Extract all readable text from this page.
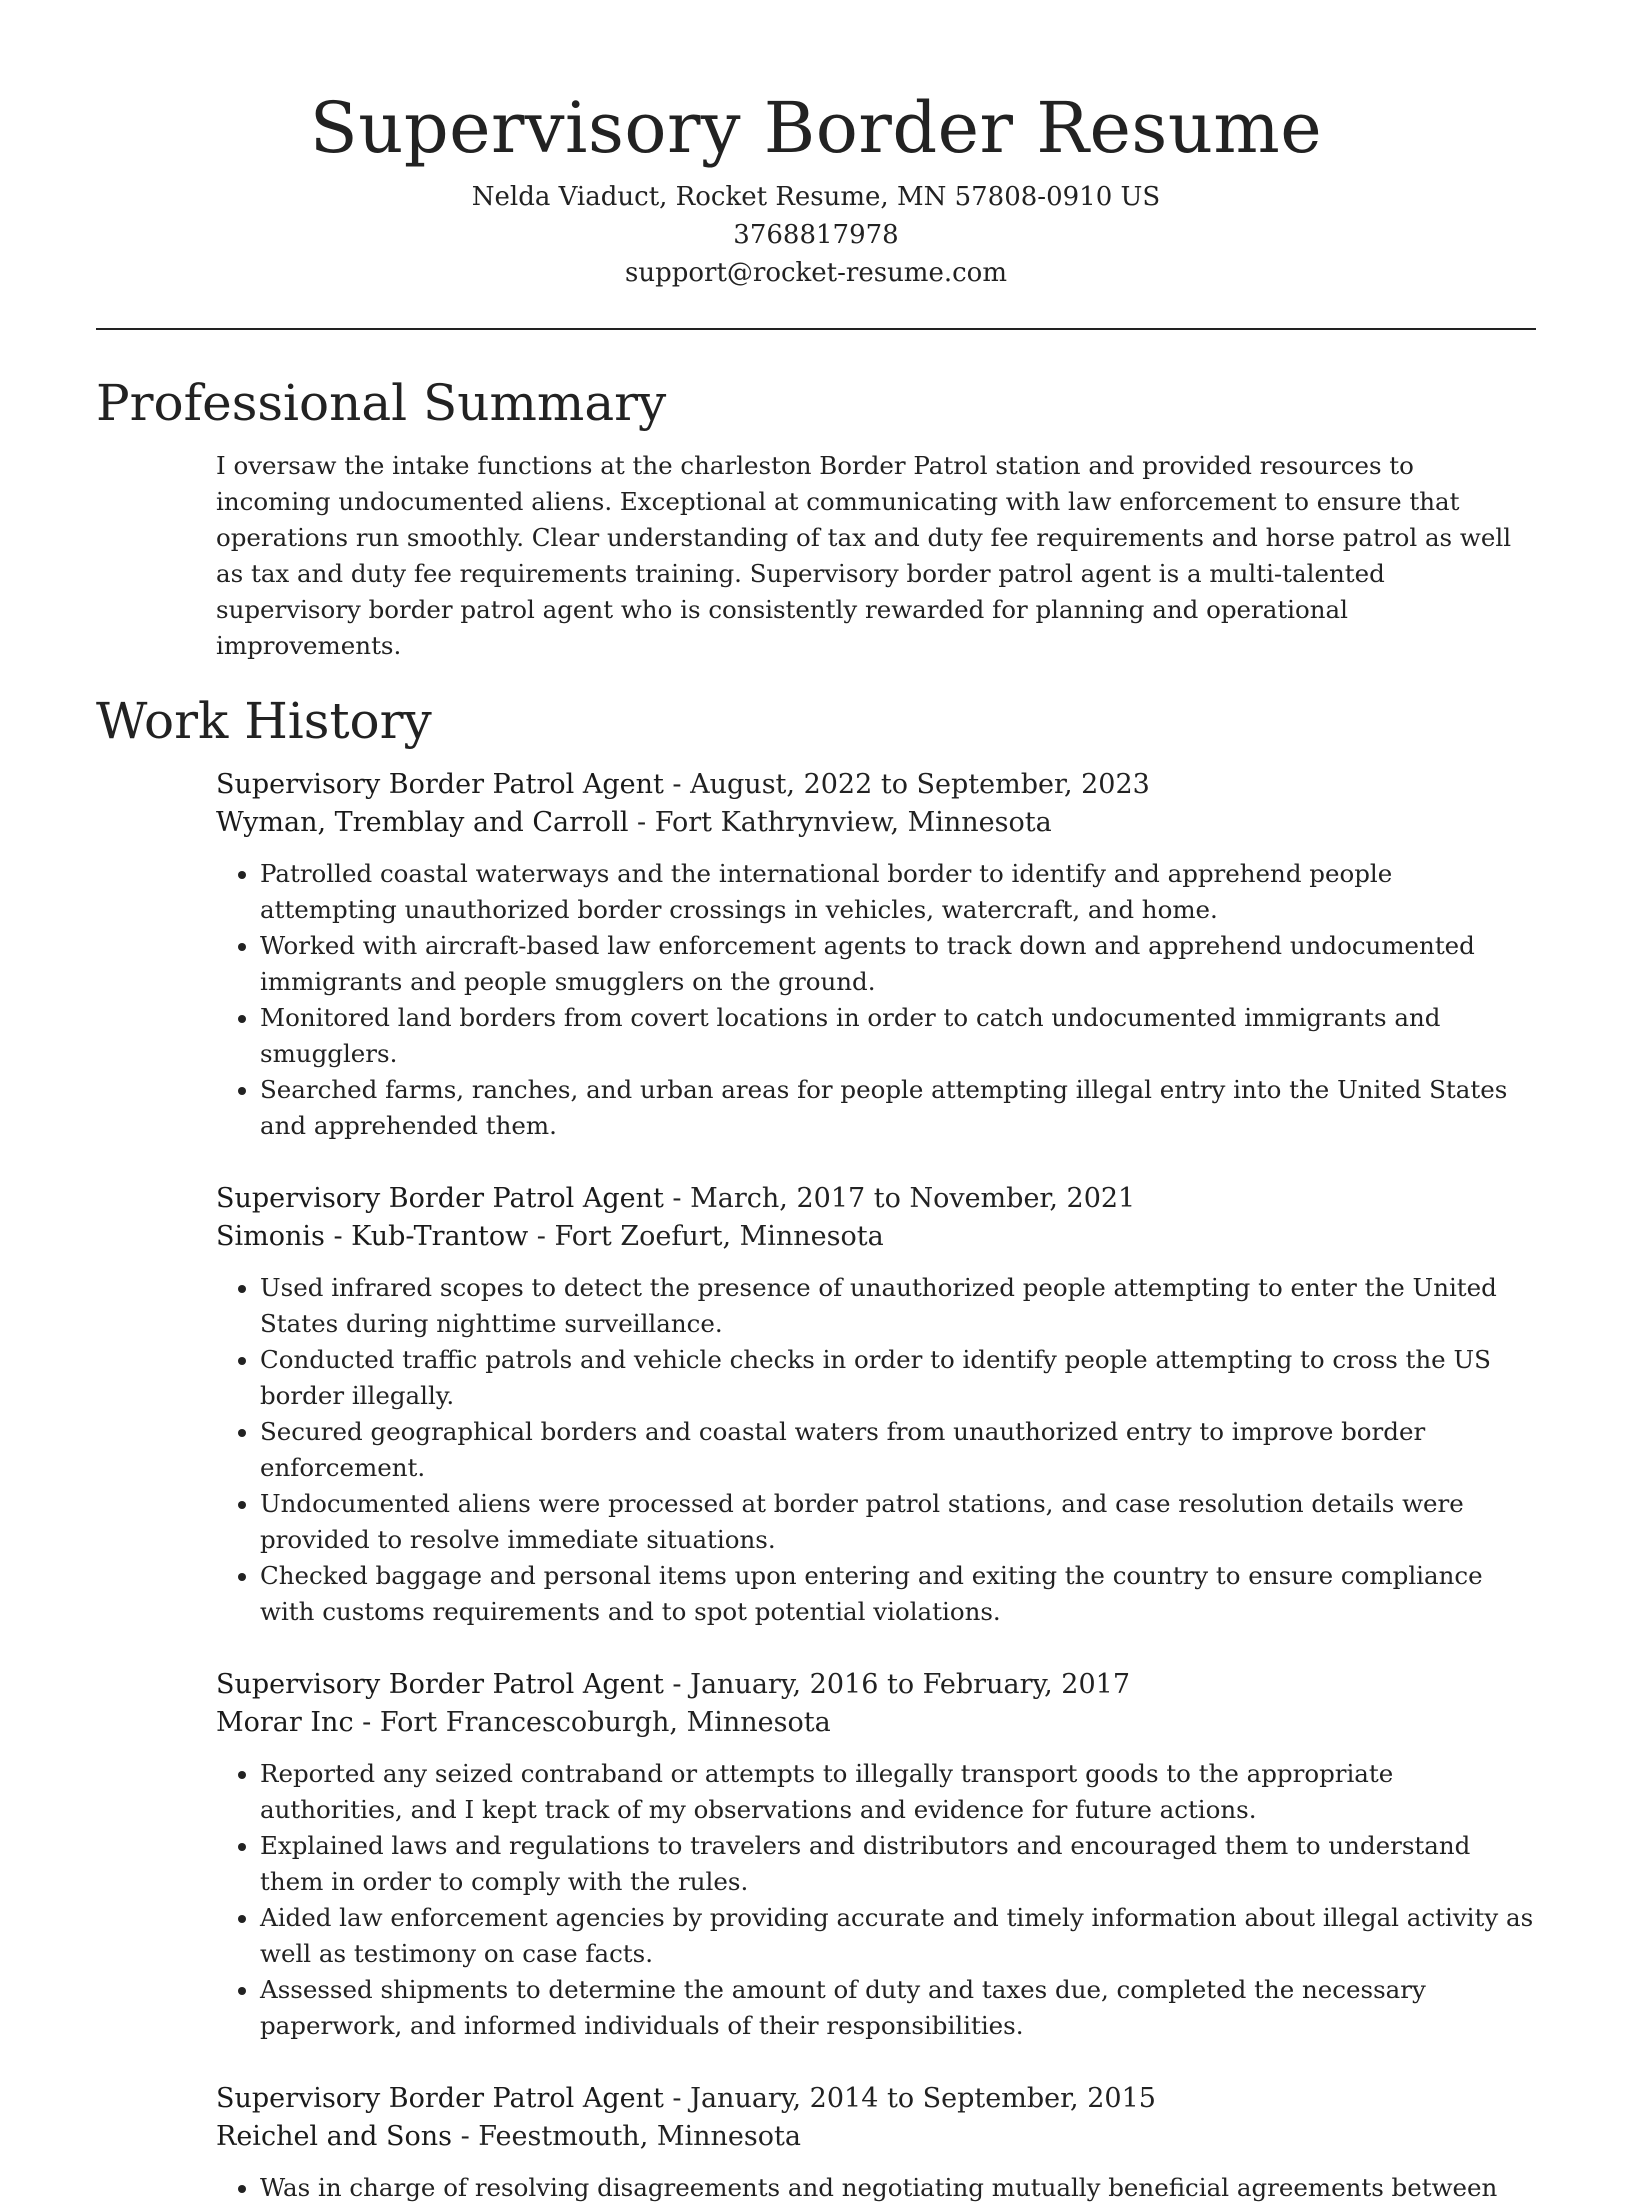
Supervisory Border Resume
Nelda Viaduct, Rocket Resume, MN 57808-0910 US
3768817978
support@rocket-resume.com
Professional Summary

I oversaw the intake functions at the charleston Border Patrol station and provided resources to incoming undocumented aliens. Exceptional at communicating with law enforcement to ensure that operations run smoothly. Clear understanding of tax and duty fee requirements and horse patrol as well as tax and duty fee requirements training. Supervisory border patrol agent is a multi-talented supervisory border patrol agent who is consistently rewarded for planning and operational improvements.

Work History
Supervisory Border Patrol Agent - August, 2022 to September, 2023
Wyman, Tremblay and Carroll - Fort Kathrynview, Minnesota
• Patrolled coastal waterways and the international border to identify and apprehend people attempting unauthorized border crossings in vehicles, watercraft, and home.
• Worked with aircraft-based law enforcement agents to track down and apprehend undocumented immigrants and people smugglers on the ground.
• Monitored land borders from covert locations in order to catch undocumented immigrants and smugglers.
• Searched farms, ranches, and urban areas for people attempting illegal entry into the United States and apprehended them.
Supervisory Border Patrol Agent - March, 2017 to November, 2021
Simonis - Kub-Trantow - Fort Zoefurt, Minnesota
• Used infrared scopes to detect the presence of unauthorized people attempting to enter the United States during nighttime surveillance.
• Conducted traffic patrols and vehicle checks in order to identify people attempting to cross the US border illegally.
• Secured geographical borders and coastal waters from unauthorized entry to improve border enforcement.
• Undocumented aliens were processed at border patrol stations, and case resolution details were provided to resolve immediate situations.
• Checked baggage and personal items upon entering and exiting the country to ensure compliance with customs requirements and to spot potential violations.
Supervisory Border Patrol Agent - January, 2016 to February, 2017
Morar Inc - Fort Francescoburgh, Minnesota
• Reported any seized contraband or attempts to illegally transport goods to the appropriate authorities, and I kept track of my observations and evidence for future actions.
• Explained laws and regulations to travelers and distributors and encouraged them to understand them in order to comply with the rules.
• Aided law enforcement agencies by providing accurate and timely information about illegal activity as well as testimony on case facts.
• Assessed shipments to determine the amount of duty and taxes due, completed the necessary paperwork, and informed individuals of their responsibilities.
Supervisory Border Patrol Agent - January, 2014 to September, 2015
Reichel and Sons - Feestmouth, Minnesota
• Was in charge of resolving disagreements and negotiating mutually beneficial agreements between
